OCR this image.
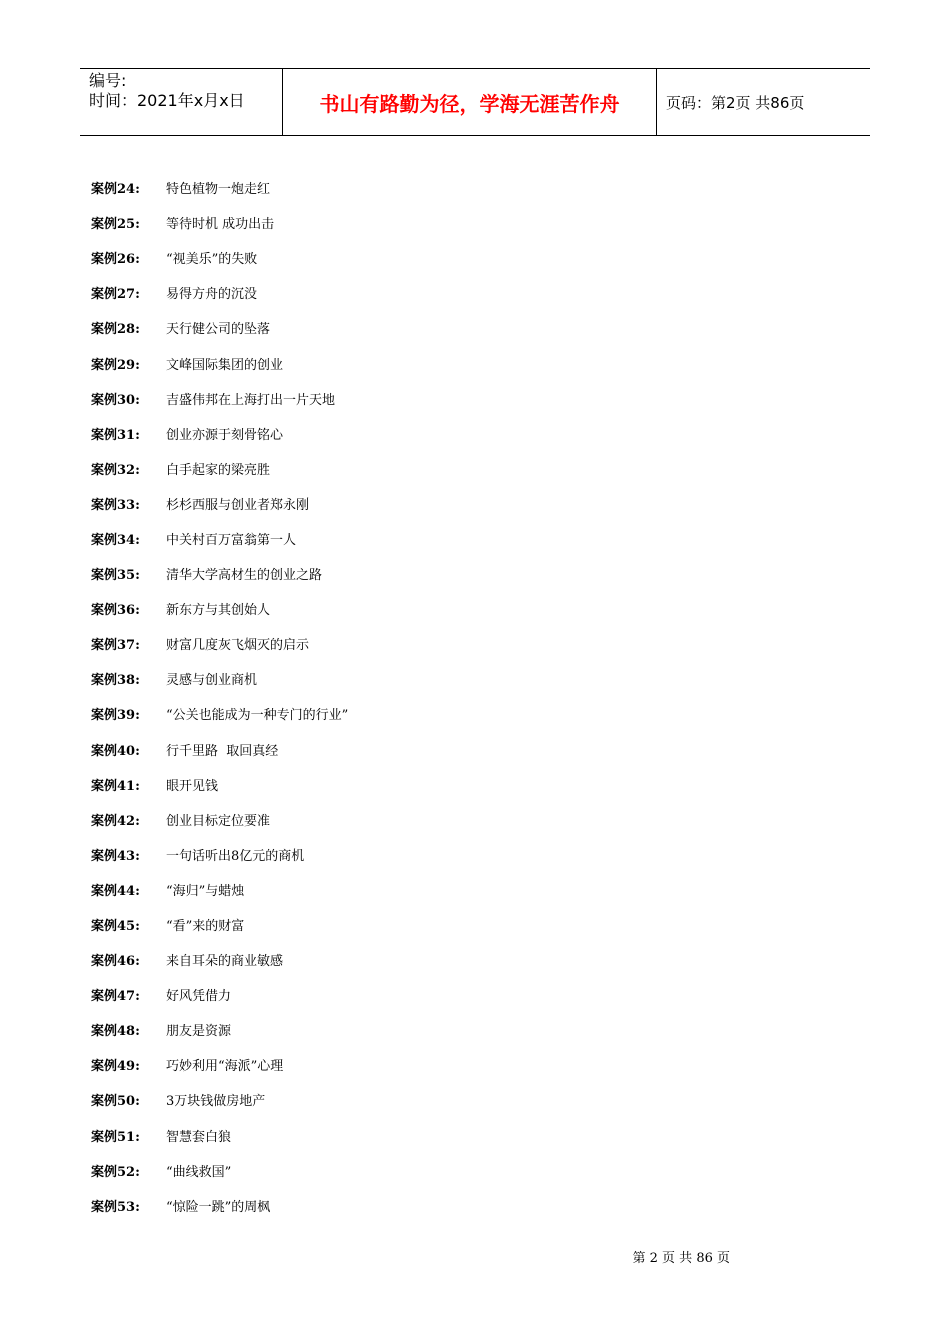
编号:
时间：2021年x月x日	书山有路勤为径，学海无涯苦作舟	页码：第2页 共86页
案例24:	特色植物一炮走红
案例25:	等待时机 成功出击
案例26:	“视美乐”的失败
案例27:	易得方舟的沉没
案例28:	天行健公司的坠落
案例29:	文峰国际集团的创业
案例30:	吉盛伟邦在上海打出一片天地
案例31:	创业亦源于刻骨铭心
案例32:	白手起家的梁亮胜
案例33:	杉杉西服与创业者郑永刚
案例34:	中关村百万富翁第一人
案例35:	清华大学高材生的创业之路
案例36:	新东方与其创始人
案例37:	财富几度灰飞烟灭的启示
案例38:	灵感与创业商机
案例39:	“公关也能成为一种专门的行业”
案例40:	行千里路  取回真经
案例41:	眼开见钱
案例42:	创业目标定位要准
案例43:	一句话听出8亿元的商机
案例44:	“海归”与蜡烛
案例45:	“看”来的财富
案例46:	来自耳朵的商业敏感
案例47:	好风凭借力
案例48:	朋友是资源
案例49:	巧妙利用“海派”心理
案例50:	3万块钱做房地产
案例51:	智慧套白狼
案例52:	“曲线救国”
案例53:	“惊险一跳”的周枫
第 2 页 共 86 页
